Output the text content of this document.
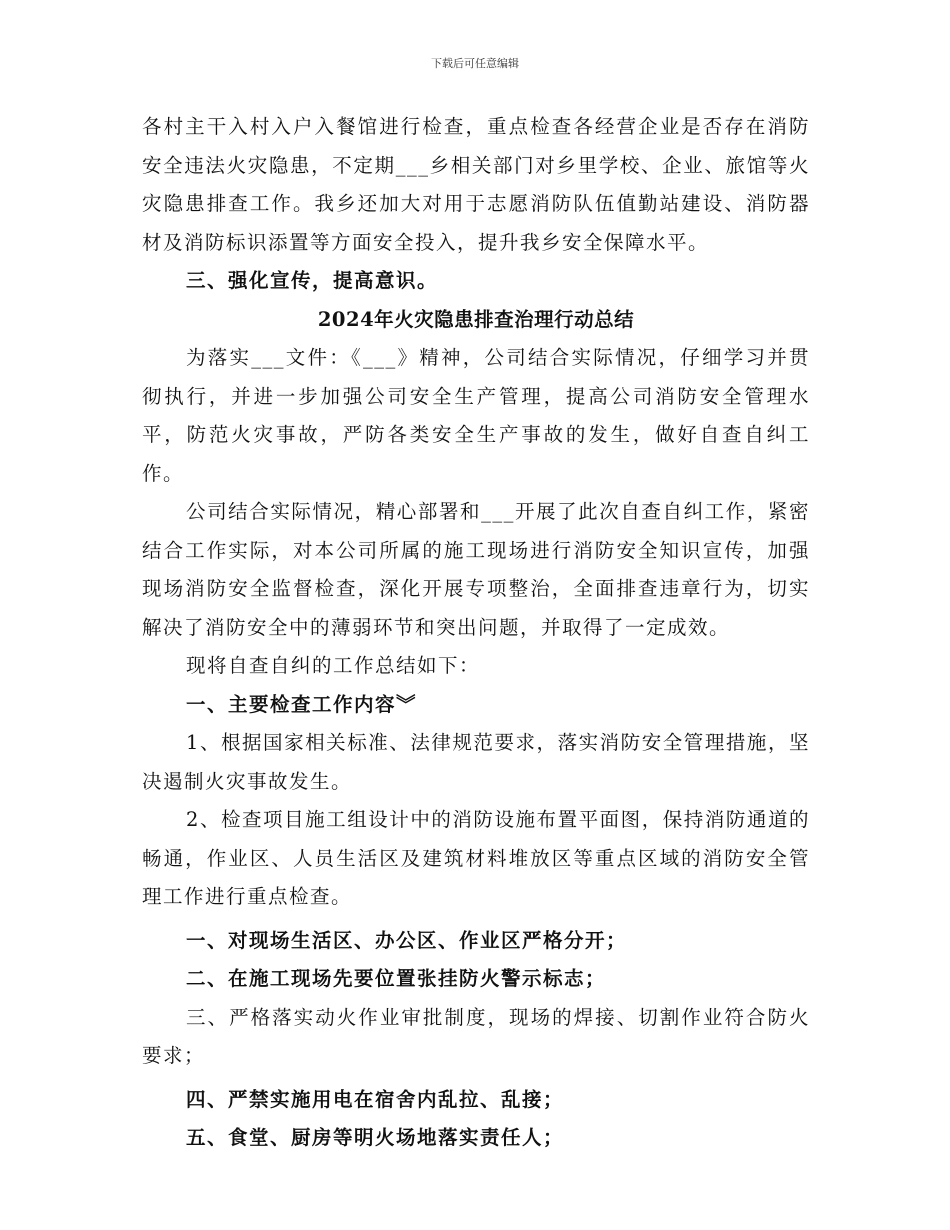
下载后可任意编辑

各村主干入村入户入餐馆进行检查，重点检查各经营企业是否存在消防安全违法火灾隐患，不定期___乡相关部门对乡里学校、企业、旅馆等火灾隐患排查工作。我乡还加大对用于志愿消防队伍值勤站建设、消防器材及消防标识添置等方面安全投入，提升我乡安全保障水平。

三、强化宣传，提高意识。

2024年火灾隐患排查治理行动总结

为落实___文件：《___》精神，公司结合实际情况，仔细学习并贯彻执行，并进一步加强公司安全生产管理，提高公司消防安全管理水平，防范火灾事故，严防各类安全生产事故的发生，做好自查自纠工作。

公司结合实际情况，精心部署和___开展了此次自查自纠工作，紧密结合工作实际，对本公司所属的施工现场进行消防安全知识宣传，加强现场消防安全监督检查，深化开展专项整治，全面排查违章行为，切实解决了消防安全中的薄弱环节和突出问题，并取得了一定成效。

现将自查自纠的工作总结如下：

一、主要检查工作内容︾

1、根据国家相关标准、法律规范要求，落实消防安全管理措施，坚决遏制火灾事故发生。

2、检查项目施工组设计中的消防设施布置平面图，保持消防通道的畅通，作业区、人员生活区及建筑材料堆放区等重点区域的消防安全管理工作进行重点检查。

一、对现场生活区、办公区、作业区严格分开；

二、在施工现场先要位置张挂防火警示标志；

三、严格落实动火作业审批制度，现场的焊接、切割作业符合防火要求；

四、严禁实施用电在宿舍内乱拉、乱接；

五、食堂、厨房等明火场地落实责任人；
